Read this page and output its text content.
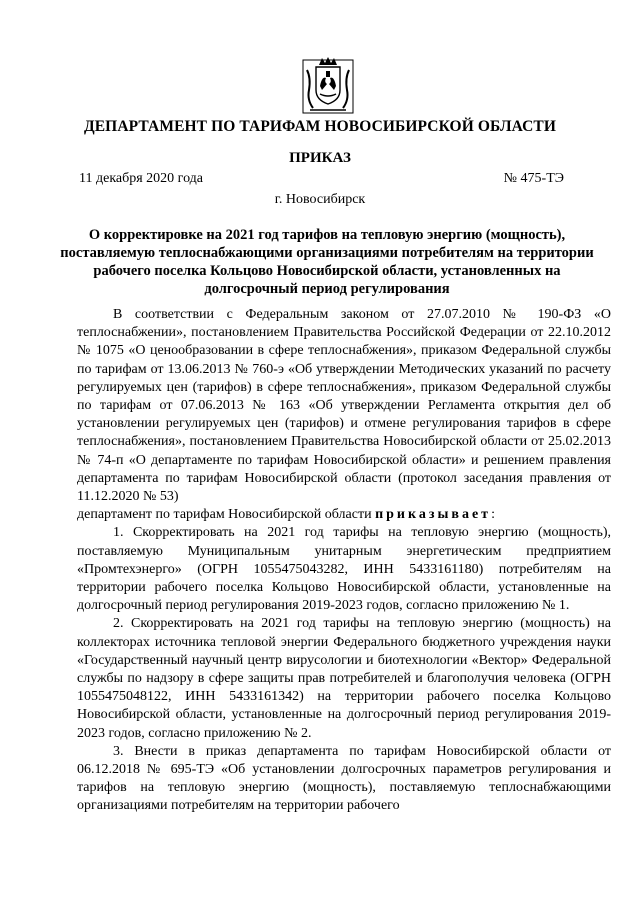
ДЕПАРТАМЕНТ ПО ТАРИФАМ НОВОСИБИРСКОЙ ОБЛАСТИ
ПРИКАЗ
11 декабря 2020 года	№ 475-ТЭ
г. Новосибирск
О корректировке на 2021 год тарифов на тепловую энергию (мощность), поставляемую теплоснабжающими организациями потребителям на территории рабочего поселка Кольцово Новосибирской области, установленных на долгосрочный период регулирования

В соответствии с Федеральным законом от 27.07.2010 № 190-ФЗ «О теплоснабжении», постановлением Правительства Российской Федерации от 22.10.2012 № 1075 «О ценообразовании в сфере теплоснабжения», приказом Федеральной службы по тарифам от 13.06.2013 № 760-э «Об утверждении Методических указаний по расчету регулируемых цен (тарифов) в сфере теплоснабжения», приказом Федеральной службы по тарифам от 07.06.2013 № 163 «Об утверждении Регламента открытия дел об установлении регулируемых цен (тарифов) и отмене регулирования тарифов в сфере теплоснабжения», постановлением Правительства Новосибирской области от 25.02.2013 № 74-п «О департаменте по тарифам Новосибирской области» и решением правления департамента по тарифам Новосибирской области (протокол заседания правления от 11.12.2020 № 53)

департамент по тарифам Новосибирской области приказывает:

1. Скорректировать на 2021 год тарифы на тепловую энергию (мощность), поставляемую Муниципальным унитарным энергетическим предприятием «Промтехэнерго» (ОГРН 1055475043282, ИНН 5433161180) потребителям на территории рабочего поселка Кольцово Новосибирской области, установленные на долгосрочный период регулирования 2019-2023 годов, согласно приложению № 1.

2. Скорректировать на 2021 год тарифы на тепловую энергию (мощность) на коллекторах источника тепловой энергии Федерального бюджетного учреждения науки «Государственный научный центр вирусологии и биотехнологии «Вектор» Федеральной службы по надзору в сфере защиты прав потребителей и благополучия человека (ОГРН 1055475048122, ИНН 5433161342) на территории рабочего поселка Кольцово Новосибирской области, установленные на долгосрочный период регулирования 2019-2023 годов, согласно приложению № 2.

3. Внести в приказ департамента по тарифам Новосибирской области от 06.12.2018 № 695-ТЭ «Об установлении долгосрочных параметров регулирования и тарифов на тепловую энергию (мощность), поставляемую теплоснабжающими организациями потребителям на территории рабочего
